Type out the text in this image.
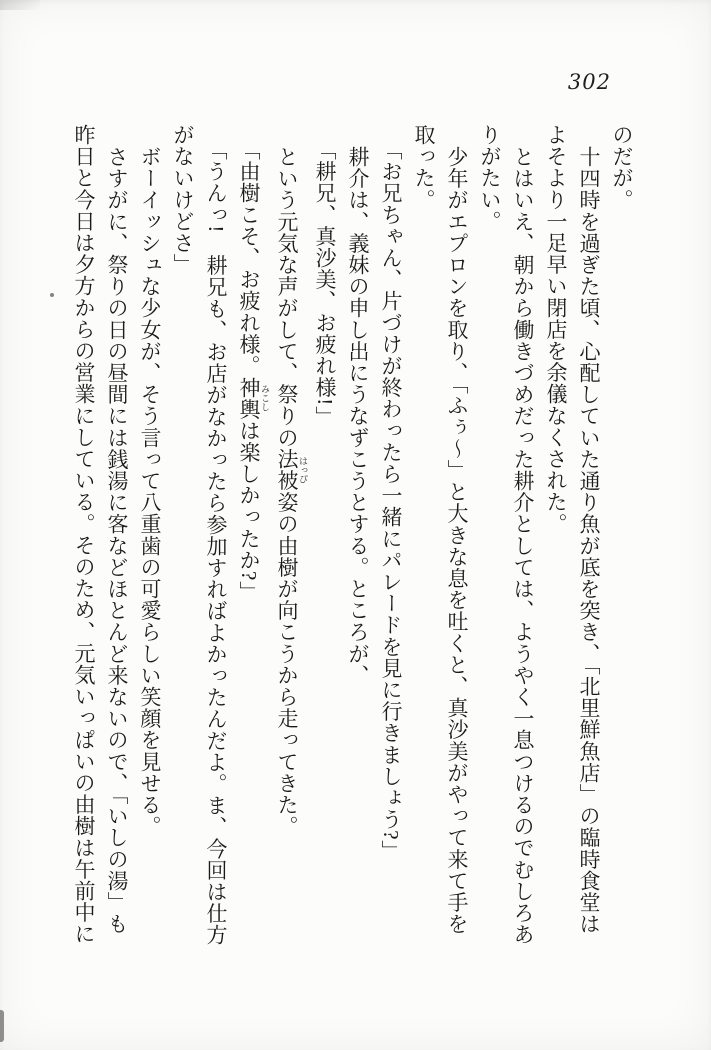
302
のだが。
十四時を過ぎた頃、心配していた通り魚が底を突き、「北里鮮魚店」の臨時食堂は
よそより一足早い閉店を余儀なくされた。
とはいえ、朝から働きづめだった耕介としては、ようやく一息つけるのでむしろあ
りがたい。
少年がエプロンを取り、「ふぅ〜」と大きな息を吐くと、真沙美がやって来て手を
取った。
「お兄ちゃん、片づけが終わったら一緒にパレードを見に行きましょう?」
耕介は、義妹の申し出にうなずこうとする。ところが、
「耕兄、真沙美、お疲れ様!」
という元気な声がして、祭りの法被 はっぴ姿の由樹が向こうから走ってきた。
「由樹こそ、お疲れ様。神輿 みこしは楽しかったか?」
「うんっ!　耕兄も、お店がなかったら参加すればよかったんだよ。ま、今回は仕方
がないけどさ」
ボーイッシュな少女が、そう言って八重歯の可愛らしい笑顔を見せる。
さすがに、祭りの日の昼間には銭湯に客などほとんど来ないので、「いしの湯」も
昨日と今日は夕方からの営業にしている。そのため、元気いっぱいの由樹は午前中に
